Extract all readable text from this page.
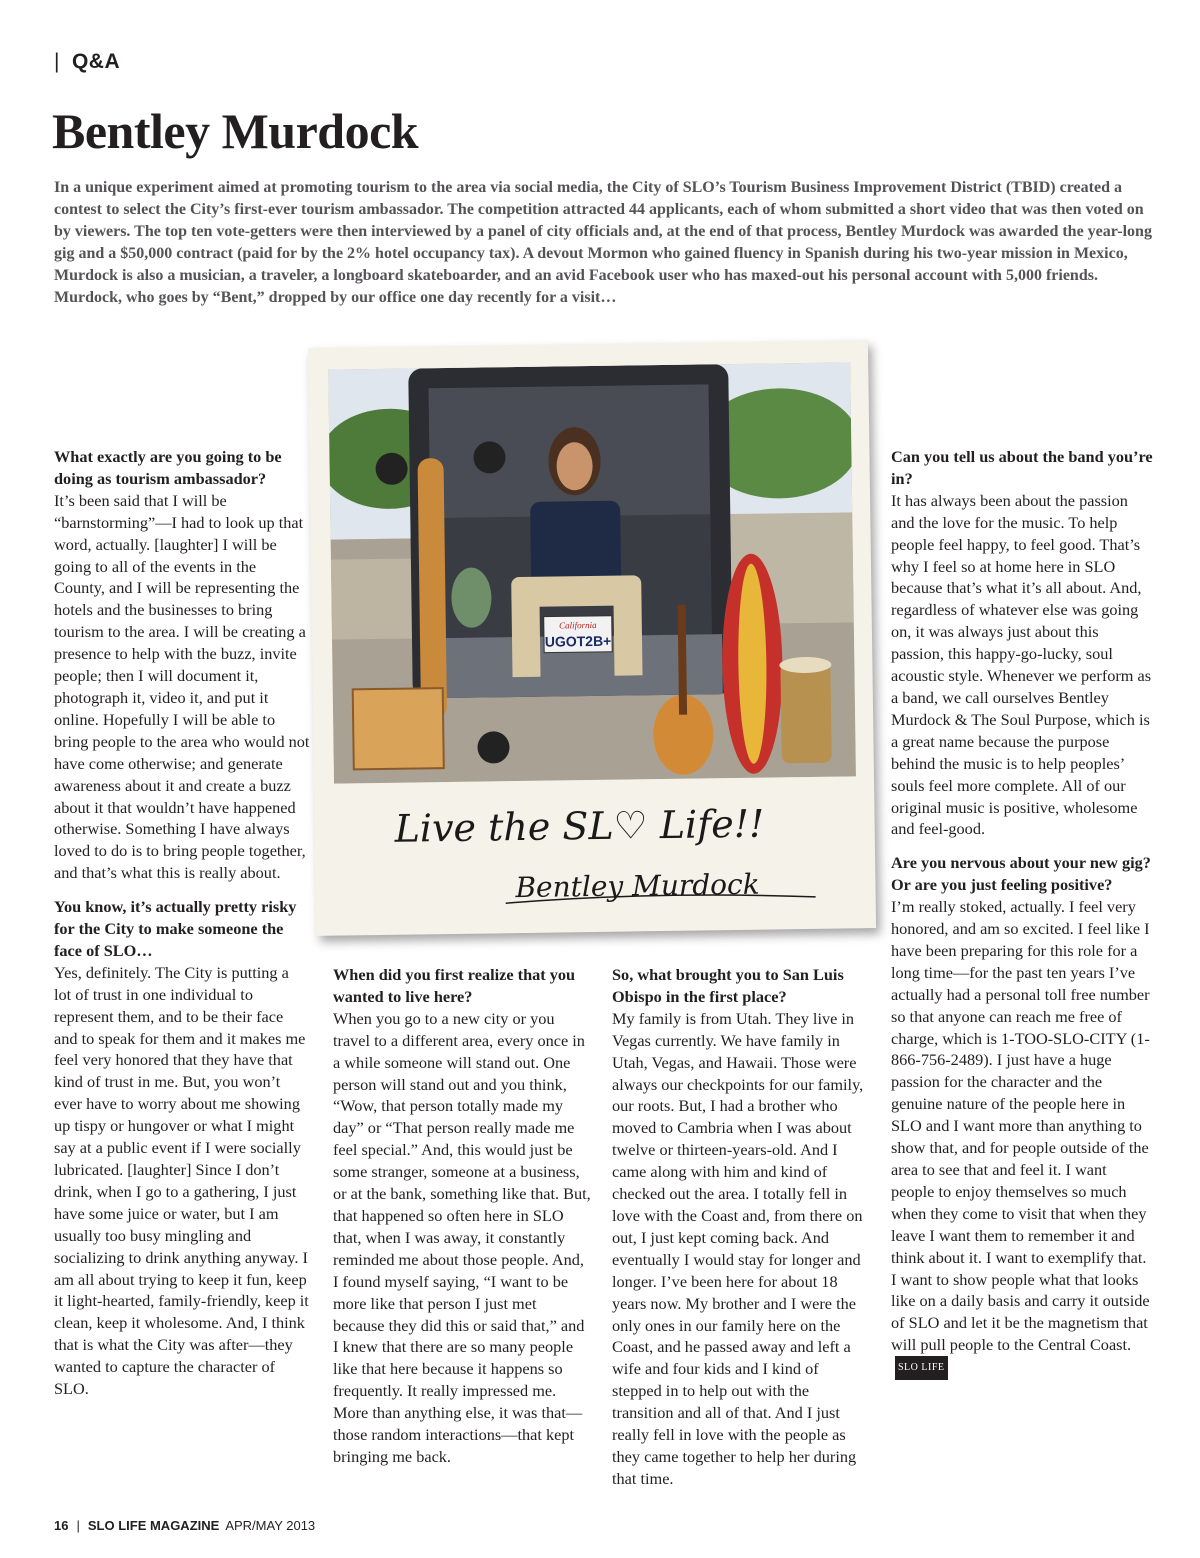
| Q&A
Bentley Murdock

In a unique experiment aimed at promoting tourism to the area via social media, the City of SLO’s Tourism Business Improvement District (TBID) created a contest to select the City’s first-ever tourism ambassador. The competition attracted 44 applicants, each of whom submitted a short video that was then voted on by viewers. The top ten vote-getters were then interviewed by a panel of city officials and, at the end of that process, Bentley Murdock was awarded the year-long gig and a $50,000 contract (paid for by the 2% hotel occupancy tax). A devout Mormon who gained fluency in Spanish during his two-year mission in Mexico, Murdock is also a musician, a traveler, a longboard skateboarder, and an avid Facebook user who has maxed-out his personal account with 5,000 friends. Murdock, who goes by “Bent,” dropped by our office one day recently for a visit…

What exactly are you going to be doing as tourism ambassador?
It’s been said that I will be “barnstorming”—I had to look up that word, actually. [laughter] I will be going to all of the events in the County, and I will be representing the hotels and the businesses to bring tourism to the area. I will be creating a presence to help with the buzz, invite people; then I will document it, photograph it, video it, and put it online. Hopefully I will be able to bring people to the area who would not have come otherwise; and generate awareness about it and create a buzz about it that wouldn’t have happened otherwise. Something I have always loved to do is to bring people together, and that’s what this is really about.
You know, it’s actually pretty risky for the City to make someone the face of SLO…
Yes, definitely. The City is putting a lot of trust in one individual to represent them, and to be their face and to speak for them and it makes me feel very honored that they have that kind of trust in me. But, you won’t ever have to worry about me showing up tispy or hungover or what I might say at a public event if I were socially lubricated. [laughter] Since I don’t drink, when I go to a gathering, I just have some juice or water, but I am usually too busy mingling and socializing to drink anything anyway. I am all about trying to keep it fun, keep it light-hearted, family-friendly, keep it clean, keep it wholesome. And, I think that is what the City was after—they wanted to capture the character of SLO.
When did you first realize that you wanted to live here?
When you go to a new city or you travel to a different area, every once in a while someone will stand out. One person will stand out and you think, “Wow, that person totally made my day” or “That person really made me feel special.” And, this would just be some stranger, someone at a business, or at the bank, something like that. But, that happened so often here in SLO that, when I was away, it constantly reminded me about those people. And, I found myself saying, “I want to be more like that person I just met because they did this or said that,” and I knew that there are so many people like that here because it happens so frequently. It really impressed me. More than anything else, it was that—those random interactions—that kept bringing me back.
So, what brought you to San Luis Obispo in the first place?
My family is from Utah. They live in Vegas currently. We have family in Utah, Vegas, and Hawaii. Those were always our checkpoints for our family, our roots. But, I had a brother who moved to Cambria when I was about twelve or thirteen-years-old. And I came along with him and kind of checked out the area. I totally fell in love with the Coast and, from there on out, I just kept coming back. And eventually I would stay for longer and longer. I’ve been here for about 18 years now. My brother and I were the only ones in our family here on the Coast, and he passed away and left a wife and four kids and I kind of stepped in to help out with the transition and all of that. And I just really fell in love with the people as they came together to help her during that time.
Can you tell us about the band you’re in?
It has always been about the passion and the love for the music. To help people feel happy, to feel good. That’s why I feel so at home here in SLO because that’s what it’s all about. And, regardless of whatever else was going on, it was always just about this passion, this happy-go-lucky, soul acoustic style. Whenever we perform as a band, we call ourselves Bentley Murdock & The Soul Purpose, which is a great name because the purpose behind the music is to help peoples’ souls feel more complete. All of our original music is positive, wholesome and feel-good.
Are you nervous about your new gig? Or are you just feeling positive?
I’m really stoked, actually. I feel very honored, and am so excited. I feel like I have been preparing for this role for a long time—for the past ten years I’ve actually had a personal toll free number so that anyone can reach me free of charge, which is 1-TOO-SLO-CITY (1-866-756-2489). I just have a huge passion for the character and the genuine nature of the people here in SLO and I want more than anything to show that, and for people outside of the area to see that and feel it. I want people to enjoy themselves so much when they come to visit that when they leave I want them to remember it and think about it. I want to exemplify that. I want to show people what that looks like on a daily basis and carry it outside of SLO and let it be the magnetism that will pull people to the Central Coast.SLO LIFE
California
UGOT2B+
Live the SL♡ Life!!
Bentley Murdock
16 | SLO LIFE MAGAZINE APR/MAY 2013
